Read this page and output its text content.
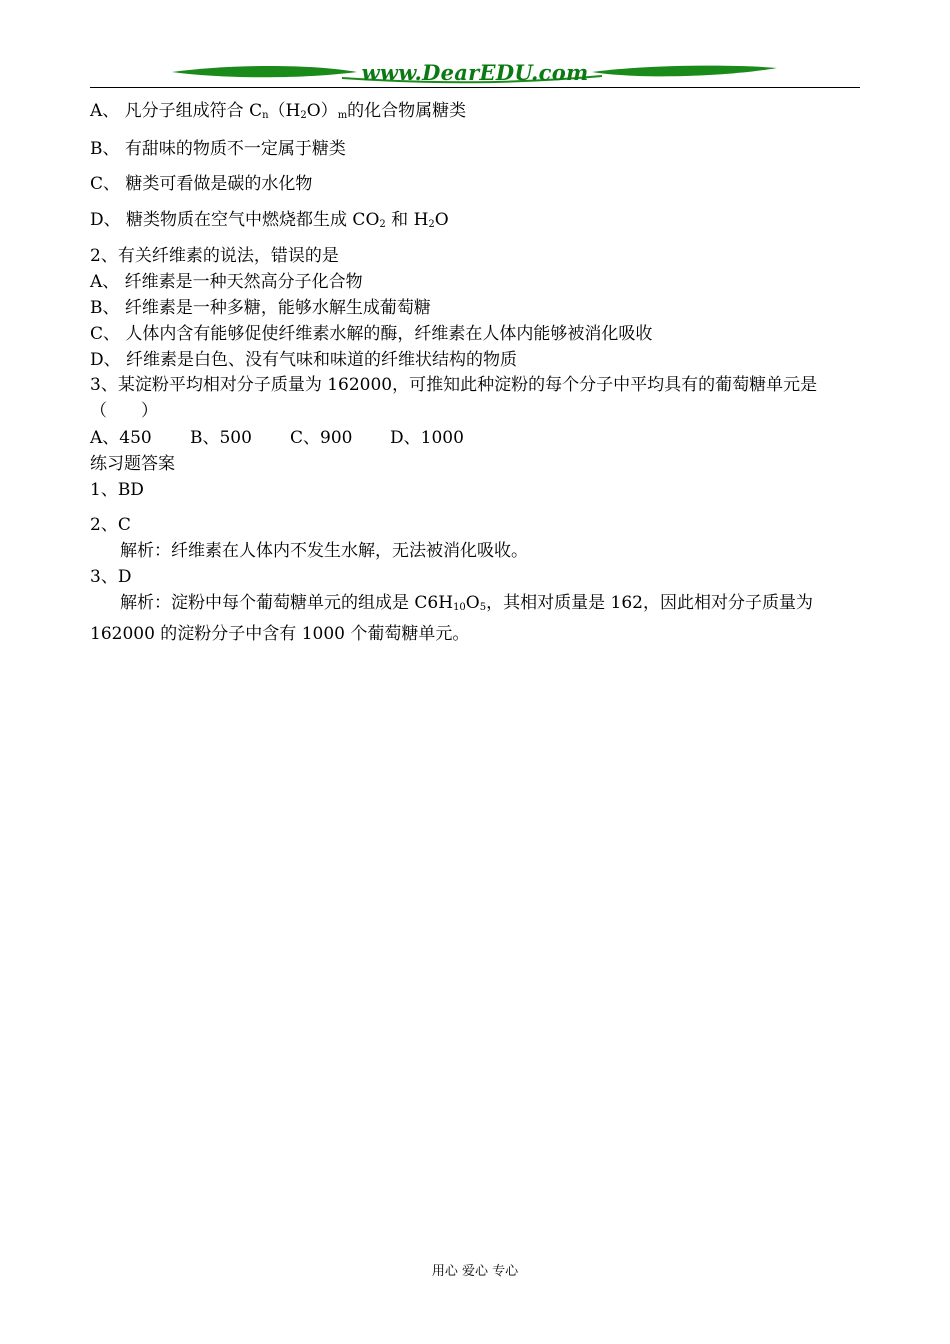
www.DearEDU.com
A、 凡分子组成符合 $C_n(H_2O)_m$的化合物属糖类
B、 有甜味的物质不一定属于糖类
C、 糖类可看做是碳的水化物
D、 糖类物质在空气中燃烧都生成 $CO_2$ 和 $H_2O$
2、有关纤维素的说法，错误的是
A、 纤维素是一种天然高分子化合物
B、 纤维素是一种多糖，能够水解生成葡萄糖
C、 人体内含有能够促使纤维素水解的酶，纤维素在人体内能够被消化吸收
D、 纤维素是白色、没有气味和味道的纤维状结构的物质
3、某淀粉平均相对分子质量为 162000，可推知此种淀粉的每个分子中平均具有的葡萄糖单元是（　　）
A、450 B、500 C、900 D、1000
练习题答案
1、BD
2、C
解析：纤维素在人体内不发生水解，无法被消化吸收。
3、D
解析：淀粉中每个葡萄糖单元的组成是 $C6H_{10}O_5$，其相对质量是 162，因此相对分子质量为 162000 的淀粉分子中含有 1000 个葡萄糖单元。
用心 爱心 专心
